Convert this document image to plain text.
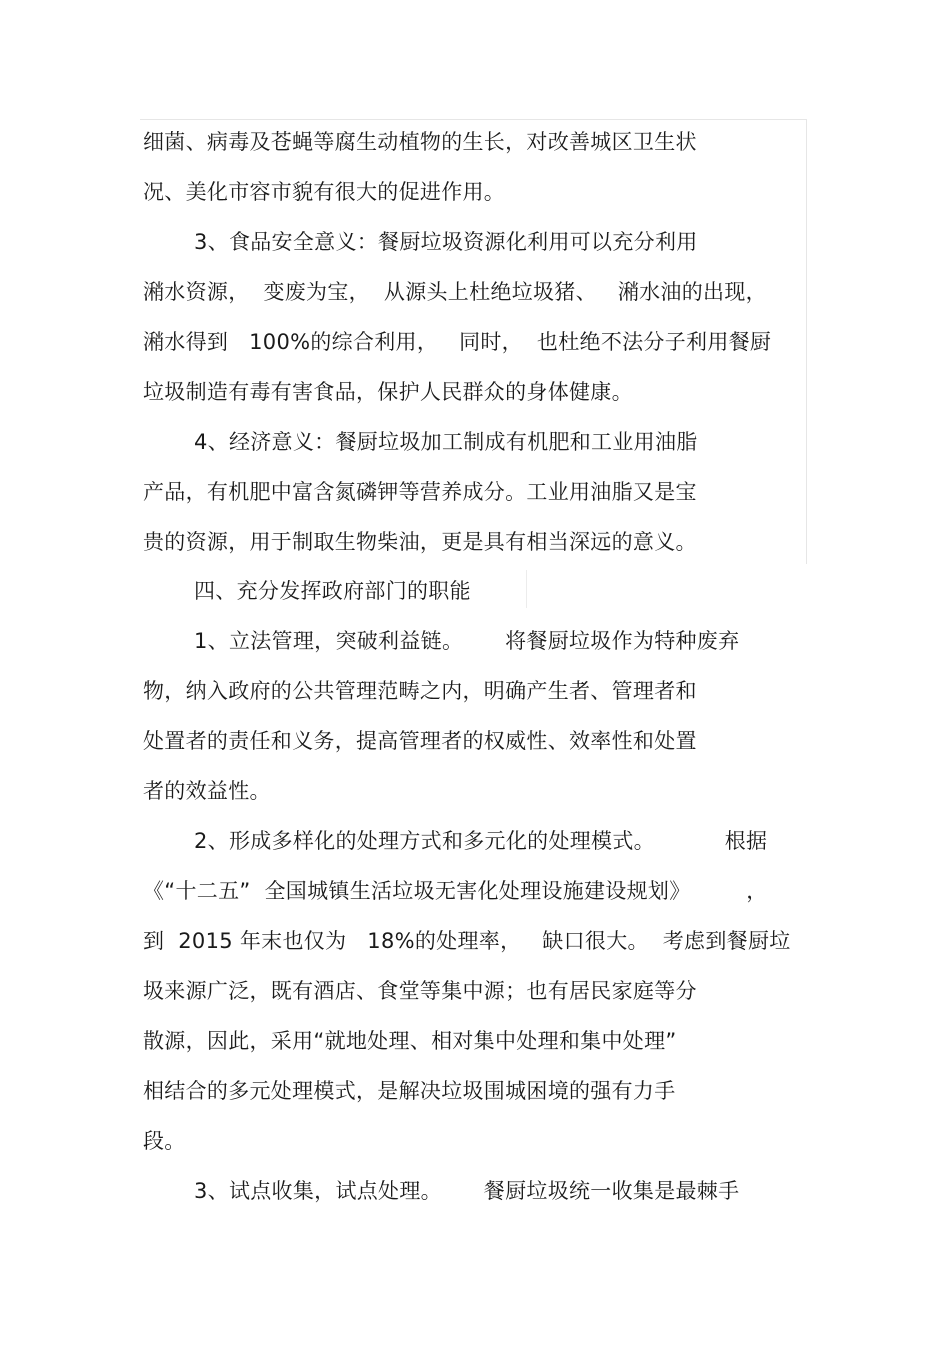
细菌、病毒及苍蝇等腐生动植物的生长，对改善城区卫生状
况、美化市容市貌有很大的促进作用。
3、食品安全意义：餐厨垃圾资源化利用可以充分利用
潲水资源，  变废为宝，  从源头上杜绝垃圾猪、   潲水油的出现，
潲水得到   100%的综合利用，   同时，  也杜绝不法分子利用餐厨
垃圾制造有毒有害食品，保护人民群众的身体健康。
4、经济意义：餐厨垃圾加工制成有机肥和工业用油脂
产品，有机肥中富含氮磷钾等营养成分。工业用油脂又是宝
贵的资源，用于制取生物柴油，更是具有相当深远的意义。
四、充分发挥政府部门的职能
1、立法管理，突破利益链。      将餐厨垃圾作为特种废弃
物，纳入政府的公共管理范畴之内，明确产生者、管理者和
处置者的责任和义务，提高管理者的权威性、效率性和处置
者的效益性。
2、形成多样化的处理方式和多元化的处理模式。          根据
《“十二五”  全国城镇生活垃圾无害化处理设施建设规划》        ，
到  2015 年末也仅为   18%的处理率，   缺口很大。  考虑到餐厨垃
圾来源广泛，既有酒店、食堂等集中源；也有居民家庭等分
散源，因此，采用“就地处理、相对集中处理和集中处理”
相结合的多元处理模式，是解决垃圾围城困境的强有力手
段。
3、试点收集，试点处理。      餐厨垃圾统一收集是最棘手
